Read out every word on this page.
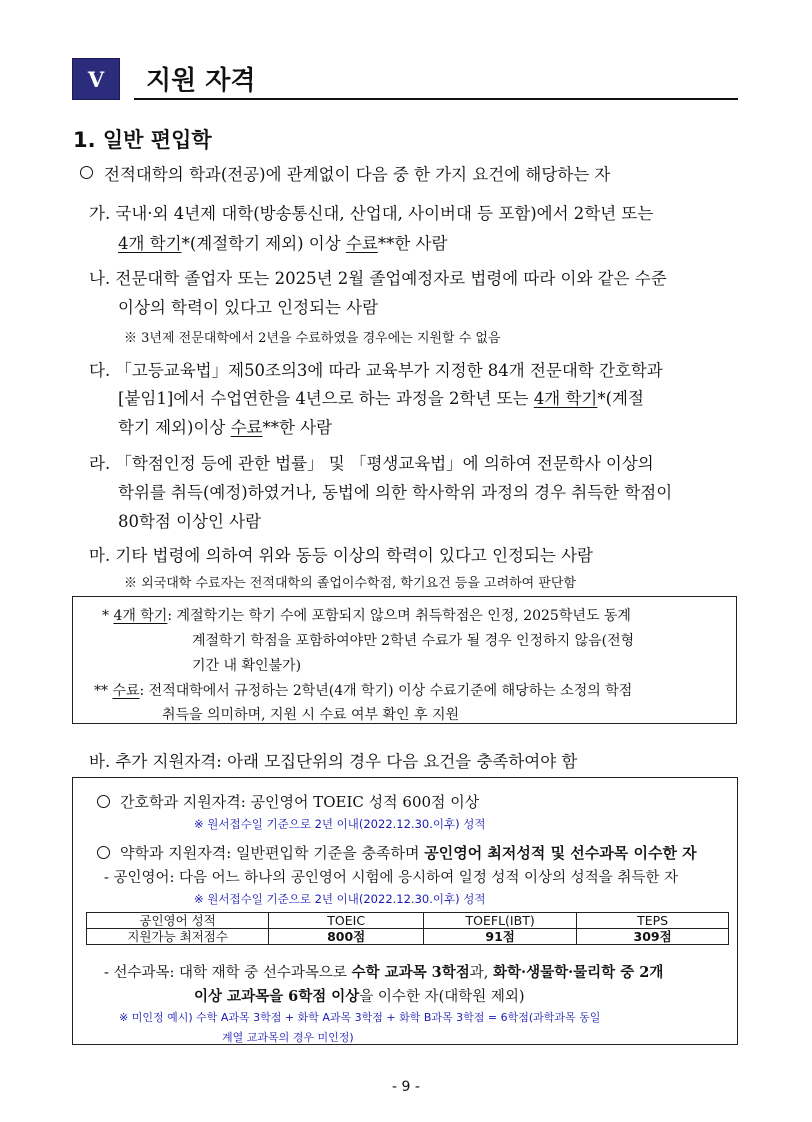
V 지원 자격
1. 일반 편입학
전적대학의 학과(전공)에 관계없이 다음 중 한 가지 요건에 해당하는 자
가. 국내·외 4년제 대학(방송통신대, 산업대, 사이버대 등 포함)에서 2학년 또는
4개 학기*(계절학기 제외) 이상 수료**한 사람
나. 전문대학 졸업자 또는 2025년 2월 졸업예정자로 법령에 따라 이와 같은 수준
이상의 학력이 있다고 인정되는 사람
※ 3년제 전문대학에서 2년을 수료하였을 경우에는 지원할 수 없음
다. 「고등교육법」제50조의3에 따라 교육부가 지정한 84개 전문대학 간호학과
[붙임1]에서 수업연한을 4년으로 하는 과정을 2학년 또는 4개 학기*(계절
학기 제외)이상 수료**한 사람
라. 「학점인정 등에 관한 법률」 및 「평생교육법」에 의하여 전문학사 이상의
학위를 취득(예정)하였거나, 동법에 의한 학사학위 과정의 경우 취득한 학점이
80학점 이상인 사람
마. 기타 법령에 의하여 위와 동등 이상의 학력이 있다고 인정되는 사람
※ 외국대학 수료자는 전적대학의 졸업이수학점, 학기요건 등을 고려하여 판단함
* 4개 학기: 계절학기는 학기 수에 포함되지 않으며 취득학점은 인정, 2025학년도 동계
계절학기 학점을 포함하여야만 2학년 수료가 될 경우 인정하지 않음(전형
기간 내 확인불가)
** 수료: 전적대학에서 규정하는 2학년(4개 학기) 이상 수료기준에 해당하는 소정의 학점
취득을 의미하며, 지원 시 수료 여부 확인 후 지원
바. 추가 지원자격: 아래 모집단위의 경우 다음 요건을 충족하여야 함
간호학과 지원자격: 공인영어 TOEIC 성적 600점 이상
※ 원서접수일 기준으로 2년 이내(2022.12.30.이후) 성적
약학과 지원자격: 일반편입학 기준을 충족하며 공인영어 최저성적 및 선수과목 이수한 자
- 공인영어: 다음 어느 하나의 공인영어 시험에 응시하여 일정 성적 이상의 성적을 취득한 자
※ 원서접수일 기준으로 2년 이내(2022.12.30.이후) 성적
공인영어 성적	TOEIC	TOEFL(IBT)	TEPS
지원가능 최저점수	800점	91점	309점
- 선수과목: 대학 재학 중 선수과목으로 수학 교과목 3학점과, 화학·생물학·물리학 중 2개
이상 교과목을 6학점 이상을 이수한 자(대학원 제외)
※ 미인정 예시) 수학 A과목 3학점 + 화학 A과목 3학점 + 화학 B과목 3학점 = 6학점(과학과목 동일
계열 교과목의 경우 미인정)
- 9 -
